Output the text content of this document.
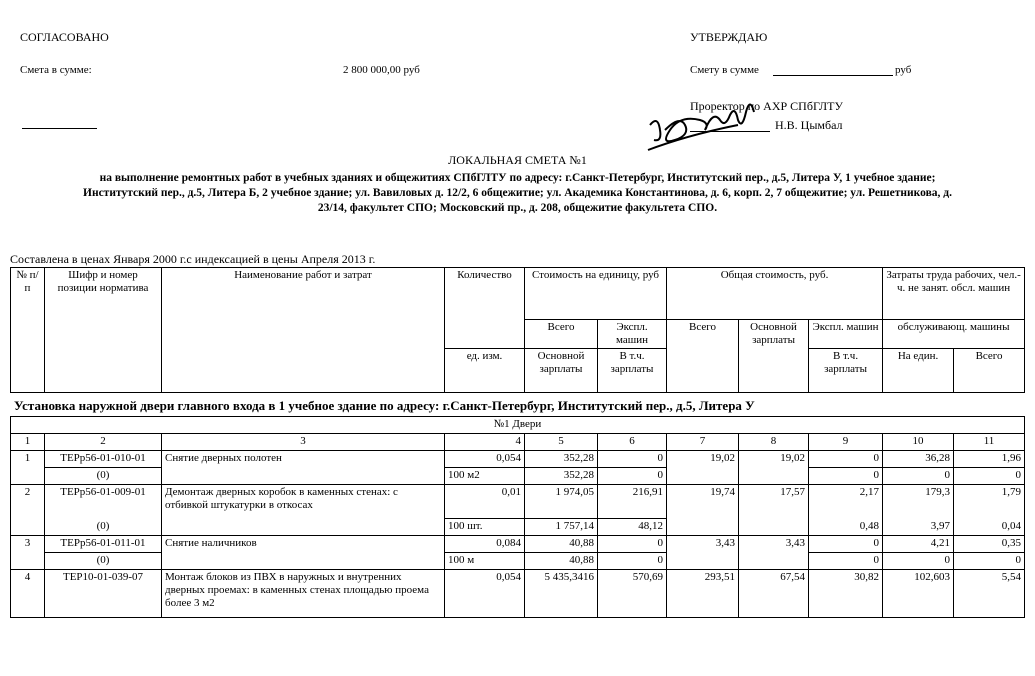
СОГЛАСОВАНО
Смета в сумме:	2 800 000,00 руб
УТВЕРЖДАЮ
Смету в сумме	руб
Проректор по АХР СПбГЛТУ
Н.В. Цымбал
ЛОКАЛЬНАЯ СМЕТА №1
на выполнение ремонтных работ в учебных зданиях и общежитиях СПбГЛТУ по адресу: г.Санкт-Петербург, Институтский пер., д.5, Литера У, 1 учебное здание;
Институтский пер., д.5, Литера Б, 2 учебное здание; ул. Вавиловых д. 12/2, 6 общежитие; ул. Академика Константинова, д. 6, корп. 2, 7 общежитие; ул. Решетникова, д.
23/14, факультет СПО; Московский пр., д. 208, общежитие факультета СПО.
Составлена в ценах Января 2000 г.с индексацией в цены Апреля 2013 г.
№ п/п	Шифр и номер позиции норматива	Наименование работ и затрат	Количество	Стоимость на единицу, руб		Общая стоимость, руб.			Затраты труда рабочих, чел.-ч. не занят. обсл. машин	
				Всего	Экспл. машин	Всего	Основной зарплаты	Экспл. машин	обслуживающ. машины	
			ед. изм.	Основной зарплаты	В т.ч. зарплаты			В т.ч. зарплаты	На един.	Всего
Установка наружной двери главного входа в 1 учебное здание по адресу: г.Санкт-Петербург, Институтский пер., д.5, Литера У
№1 Двери										
1	2	3	4	5	6	7	8	9	10	11
1	ТЕРр56-01-010-01	Снятие дверных полотен	0,054	352,28	0	19,02	19,02	0	36,28	1,96
	(0)		100 м2	352,28	0			0	0	0
2	ТЕРр56-01-009-01	Демонтаж дверных коробок в каменных стенах: с отбивкой штукатурки в откосах	0,01	1 974,05	216,91	19,74	17,57	2,17	179,3	1,79
	(0)		100 шт.	1 757,14	48,12			0,48	3,97	0,04
3	ТЕРр56-01-011-01	Снятие наличников	0,084	40,88	0	3,43	3,43	0	4,21	0,35
	(0)		100 м	40,88	0			0	0	0
4	ТЕР10-01-039-07	Монтаж блоков из ПВХ в наружных и внутренних дверных проемах: в каменных стенах площадью проема более 3 м2	0,054	5 435,3416	570,69	293,51	67,54	30,82	102,603	5,54
